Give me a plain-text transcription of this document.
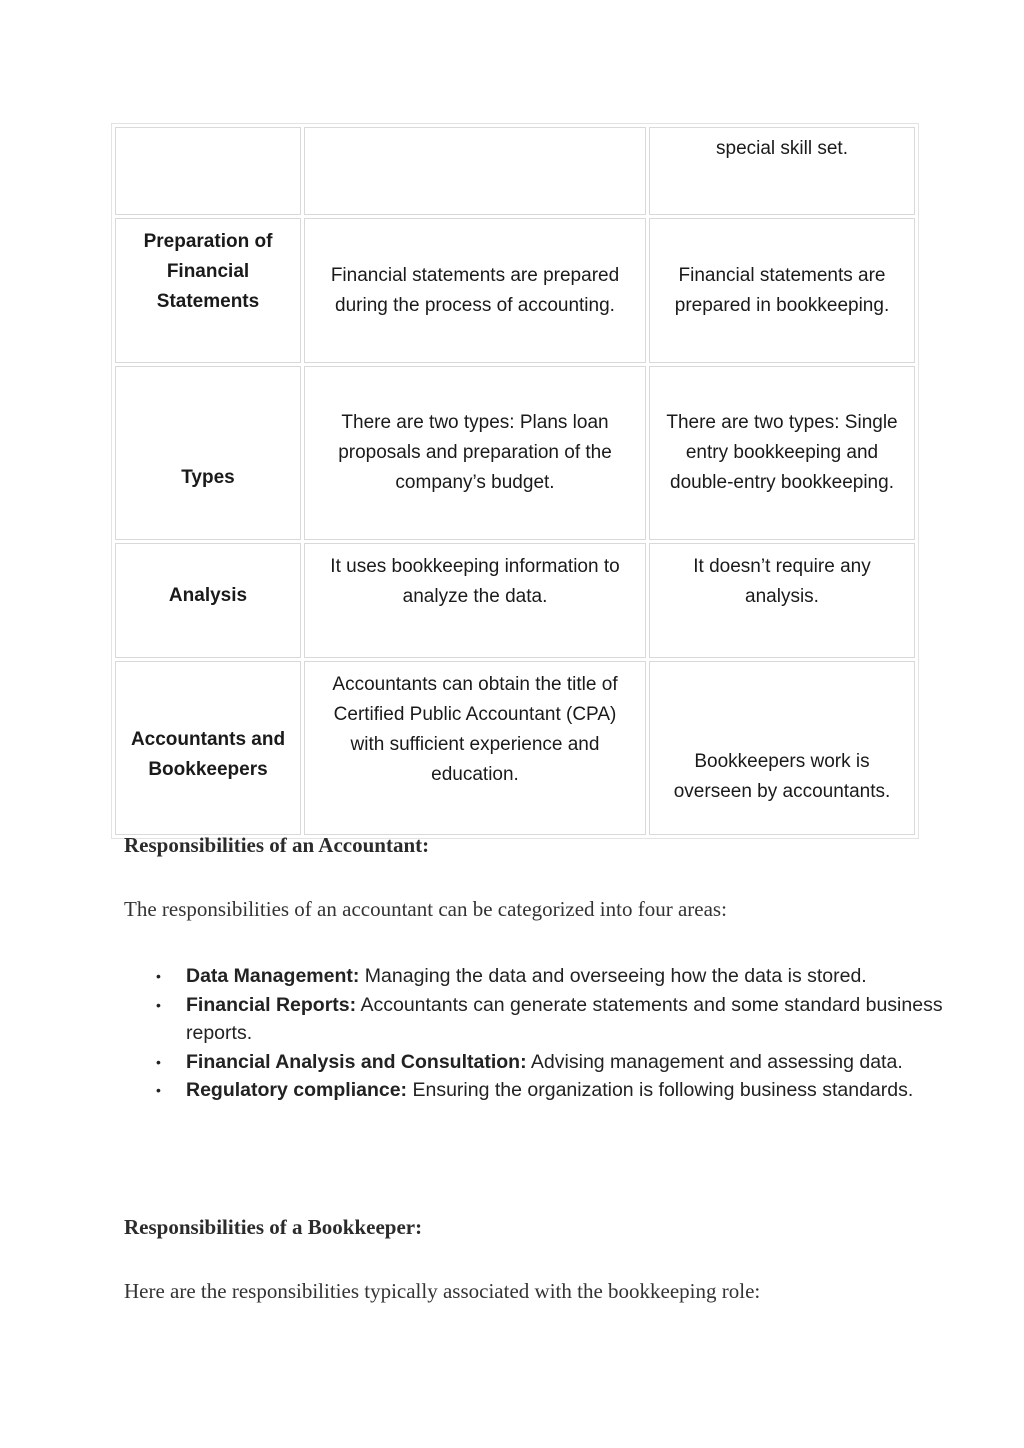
		special skill set.
Preparation of Financial Statements	Financial statements are prepared during the process of accounting.	Financial statements are prepared in bookkeeping.
Types	There are two types: Plans loan proposals and preparation of the company’s budget.	There are two types: Single entry bookkeeping and double-entry bookkeeping.
Analysis	It uses bookkeeping information to analyze the data.	It doesn’t require any analysis.
Accountants and Bookkeepers	Accountants can obtain the title of Certified Public Accountant (CPA) with sufficient experience and education.	Bookkeepers work is overseen by accountants.
Responsibilities of an Accountant:

The responsibilities of an accountant can be categorized into four areas:

• Data Management: Managing the data and overseeing how the data is stored.
• Financial Reports: Accountants can generate statements and some standard business reports.
• Financial Analysis and Consultation: Advising management and assessing data.
• Regulatory compliance: Ensuring the organization is following business standards.
Responsibilities of a Bookkeeper:

Here are the responsibilities typically associated with the bookkeeping role:
